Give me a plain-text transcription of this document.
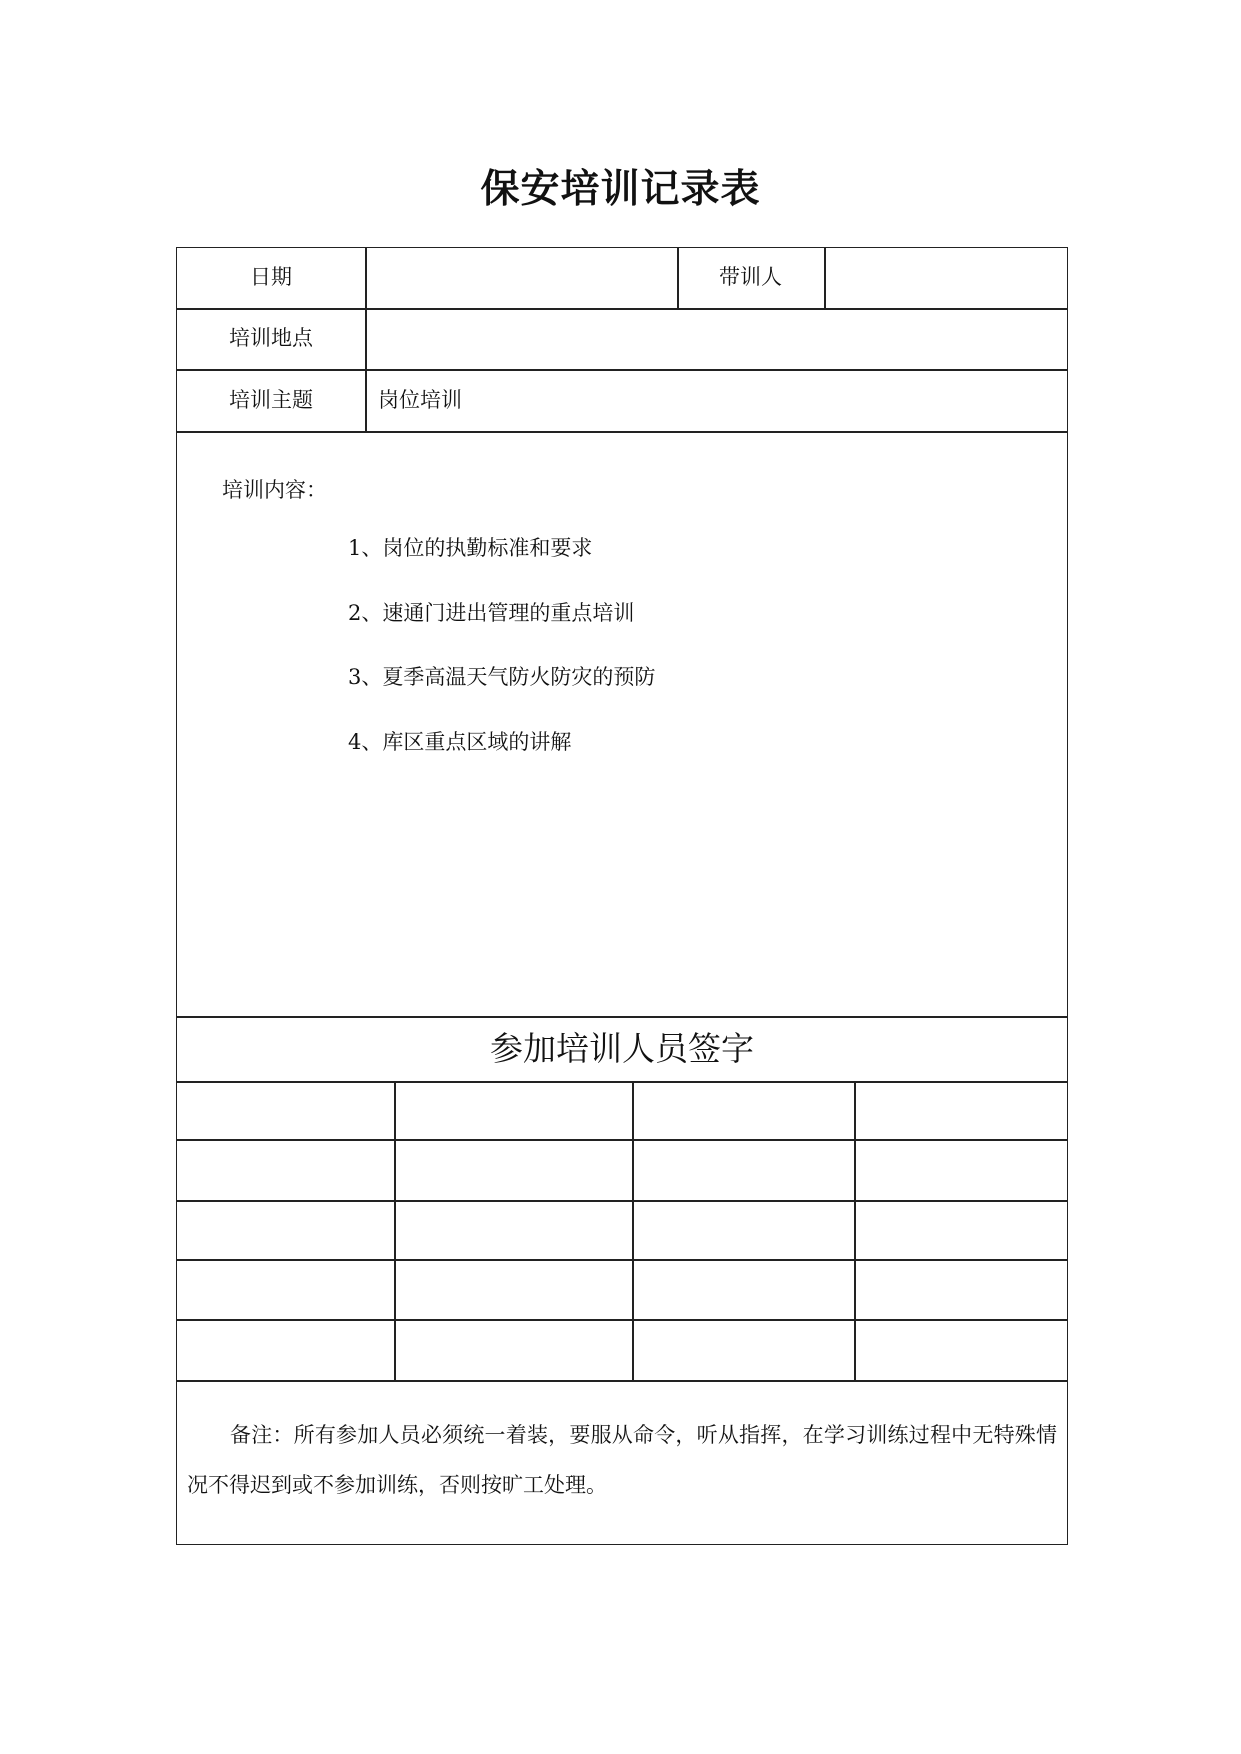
保安培训记录表
日期	带训人
培训地点
培训主题	岗位培训
培训内容：
1、岗位的执勤标准和要求
2、速通门进出管理的重点培训
3、夏季高温天气防火防灾的预防
4、库区重点区域的讲解
参加培训人员签字
备注：所有参加人员必须统一着装，要服从命令，听从指挥，在学习训练过程中无特殊情况不得迟到或不参加训练，否则按旷工处理。
